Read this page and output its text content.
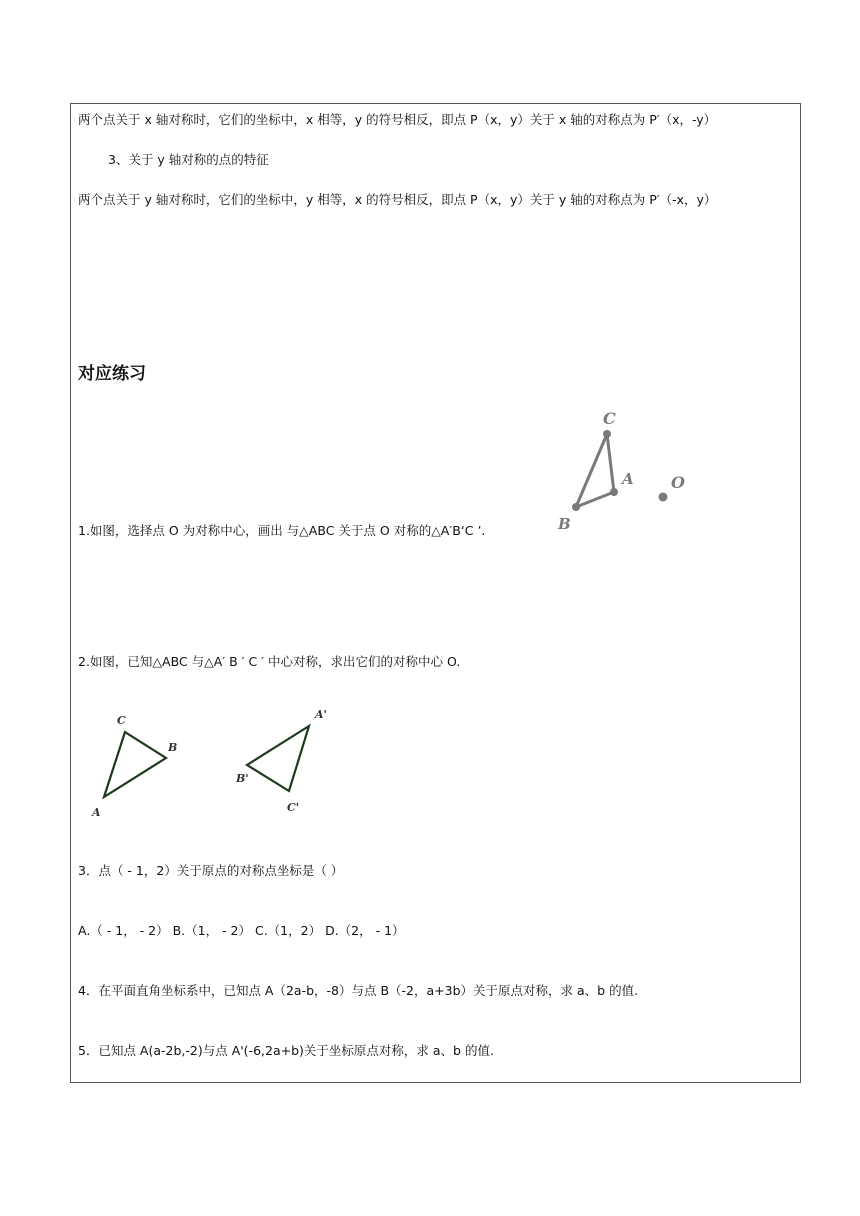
两个点关于 x 轴对称时，它们的坐标中，x 相等，y 的符号相反，即点 P（x，y）关于 x 轴的对称点为 P′（x，-y）
3、关于 y 轴对称的点的特征
两个点关于 y 轴对称时，它们的坐标中，y 相等，x 的符号相反，即点 P（x，y）关于 y 轴的对称点为 P′（-x，y）
对应练习
C
A
B
O
C
B
A
A'
B'
C'
1.如图，选择点 O 为对称中心，画出 与△ABC 关于点 O 对称的△A′B‘C ’.
2.如图，已知△ABC 与△A′ B ′ C ′ 中心对称，求出它们的对称中心 O.
3．点（ - 1，2）关于原点的对称点坐标是（ ）
A.（ - 1， - 2） B.（1， - 2） C.（1，2） D.（2， - 1）
4．在平面直角坐标系中，已知点 A（2a-b，-8）与点 B（-2，a+3b）关于原点对称，求 a、b 的值.
5．已知点 A(a-2b,-2)与点 A'(-6,2a+b)关于坐标原点对称，求 a、b 的值.
